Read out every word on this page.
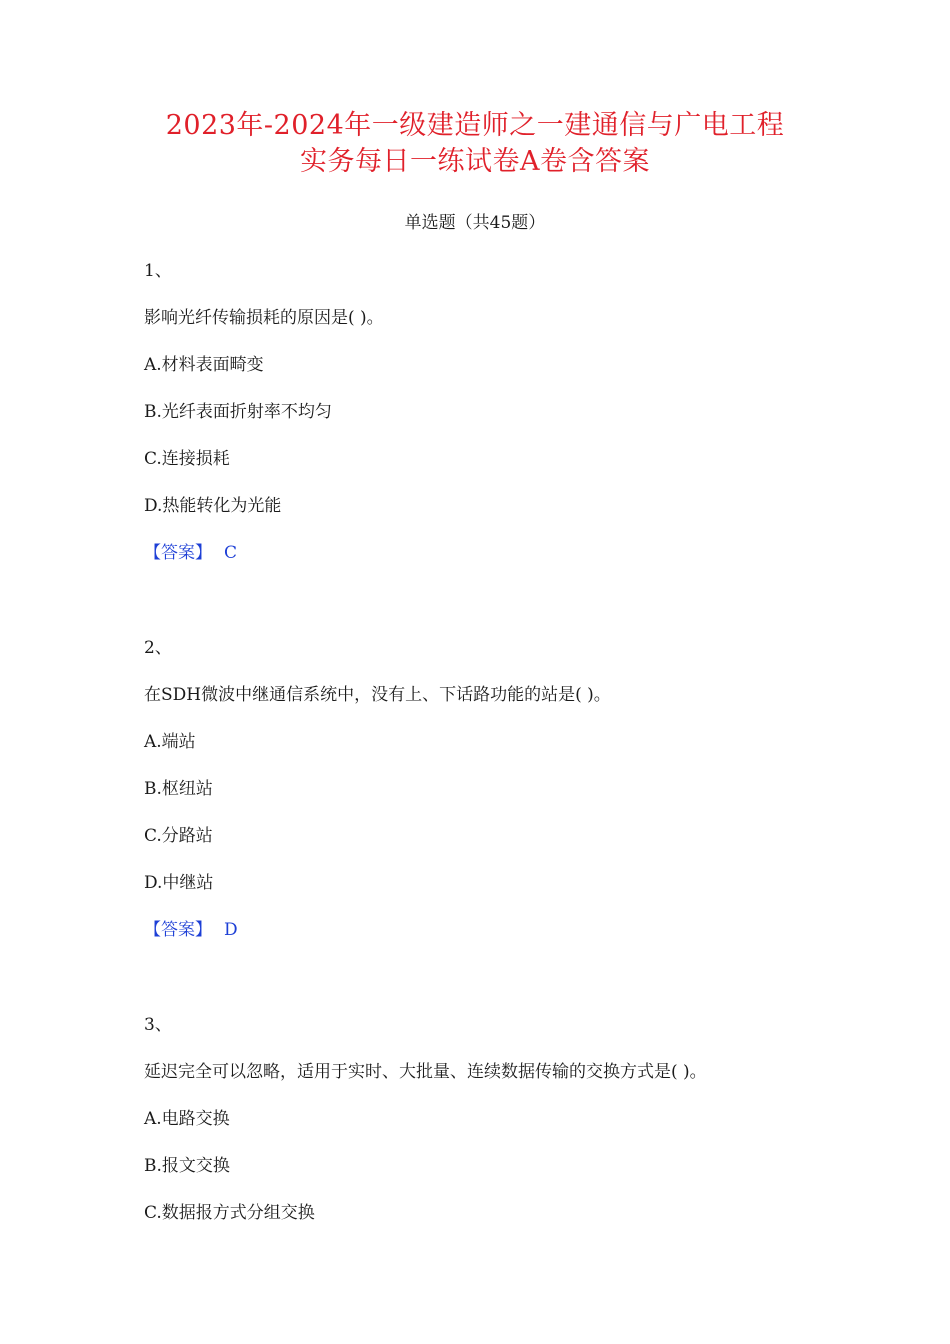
2023年-2024年一级建造师之一建通信与广电工程
实务每日一练试卷A卷含答案
单选题（共45题）
1、
影响光纤传输损耗的原因是( )。
A.材料表面畸变
B.光纤表面折射率不均匀
C.连接损耗
D.热能转化为光能
【答案】 C
2、
在SDH微波中继通信系统中，没有上、下话路功能的站是( )。
A.端站
B.枢纽站
C.分路站
D.中继站
【答案】 D
3、
延迟完全可以忽略，适用于实时、大批量、连续数据传输的交换方式是( )。
A.电路交换
B.报文交换
C.数据报方式分组交换
